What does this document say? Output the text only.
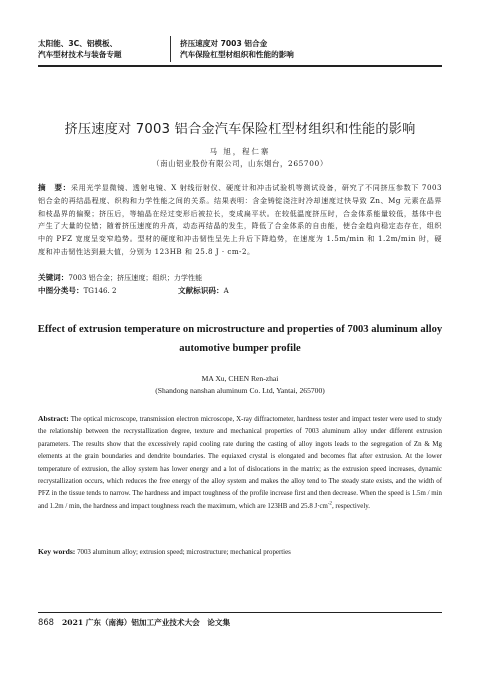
太阳能、3C、铝模板、
汽车型材技术与装备专题
挤压速度对 7003 铝合金
汽车保险杠型材组织和性能的影响
挤压速度对 7003 铝合金汽车保险杠型材组织和性能的影响
马 旭，程仁寨
（南山铝业股份有限公司，山东烟台，265700）
摘　要：采用光学显微镜、透射电镜、X 射线衍射仪、硬度计和冲击试验机等测试设备，研究了不同挤压参数下 7003 铝合金的再结晶程度、织构和力学性能之间的关系。结果表明：含金铸锭浇注时冷却速度过快导致 Zn、Mg 元素在晶界和枝晶界的偏聚；挤压后，等轴晶在经过变形后被拉长，变成扁平状。在较低温度挤压时，合金体系能量较低，基体中也产生了大量的位错；随着挤压速度的升高，动态再结晶的发生，降低了合金体系的自由能，使合金趋向稳定态存在，组织中的 PFZ 宽度呈变窄趋势。型材的硬度和冲击韧性呈先上升后下降趋势，在速度为 1.5m/min 和 1.2m/min 时，硬度和冲击韧性达到最大值，分别为 123HB 和 25.8 J · cm-2。
关键词：7003 铝合金；挤压速度；组织；力学性能
中图分类号：TG146. 2	文献标识码：A
Effect of extrusion temperature on microstructure and properties of 7003 aluminum alloy automotive bumper profile
MA Xu, CHEN Ren-zhai
(Shandong nanshan aluminum Co. Ltd, Yantai, 265700)
Abstract: The optical microscope, transmission electron microscope, X-ray diffractometer, hardness tester and impact tester were used to study the relationship between the recrystallization degree, texture and mechanical properties of 7003 aluminum alloy under different extrusion parameters. The results show that the excessively rapid cooling rate during the casting of alloy ingots leads to the segregation of Zn & Mg elements at the grain boundaries and dendrite boundaries. The equiaxed crystal is elongated and becomes flat after extrusion. At the lower temperature of extrusion, the alloy system has lower energy and a lot of dislocations in the matrix; as the extrusion speed increases, dynamic recrystallization occurs, which reduces the free energy of the alloy system and makes the alloy tend to The steady state exists, and the width of PFZ in the tissue tends to narrow. The hardness and impact toughness of the profile increase first and then decrease. When the speed is 1.5m / min and 1.2m / min, the hardness and impact toughness reach the maximum, which are 123HB and 25.8 $J\cdot cm^{-2}$, respectively.
Key words: 7003 aluminum alloy; extrusion speed; microstructure; mechanical properties
868 2021 广东（南海）铝加工产业技术大会　论文集
